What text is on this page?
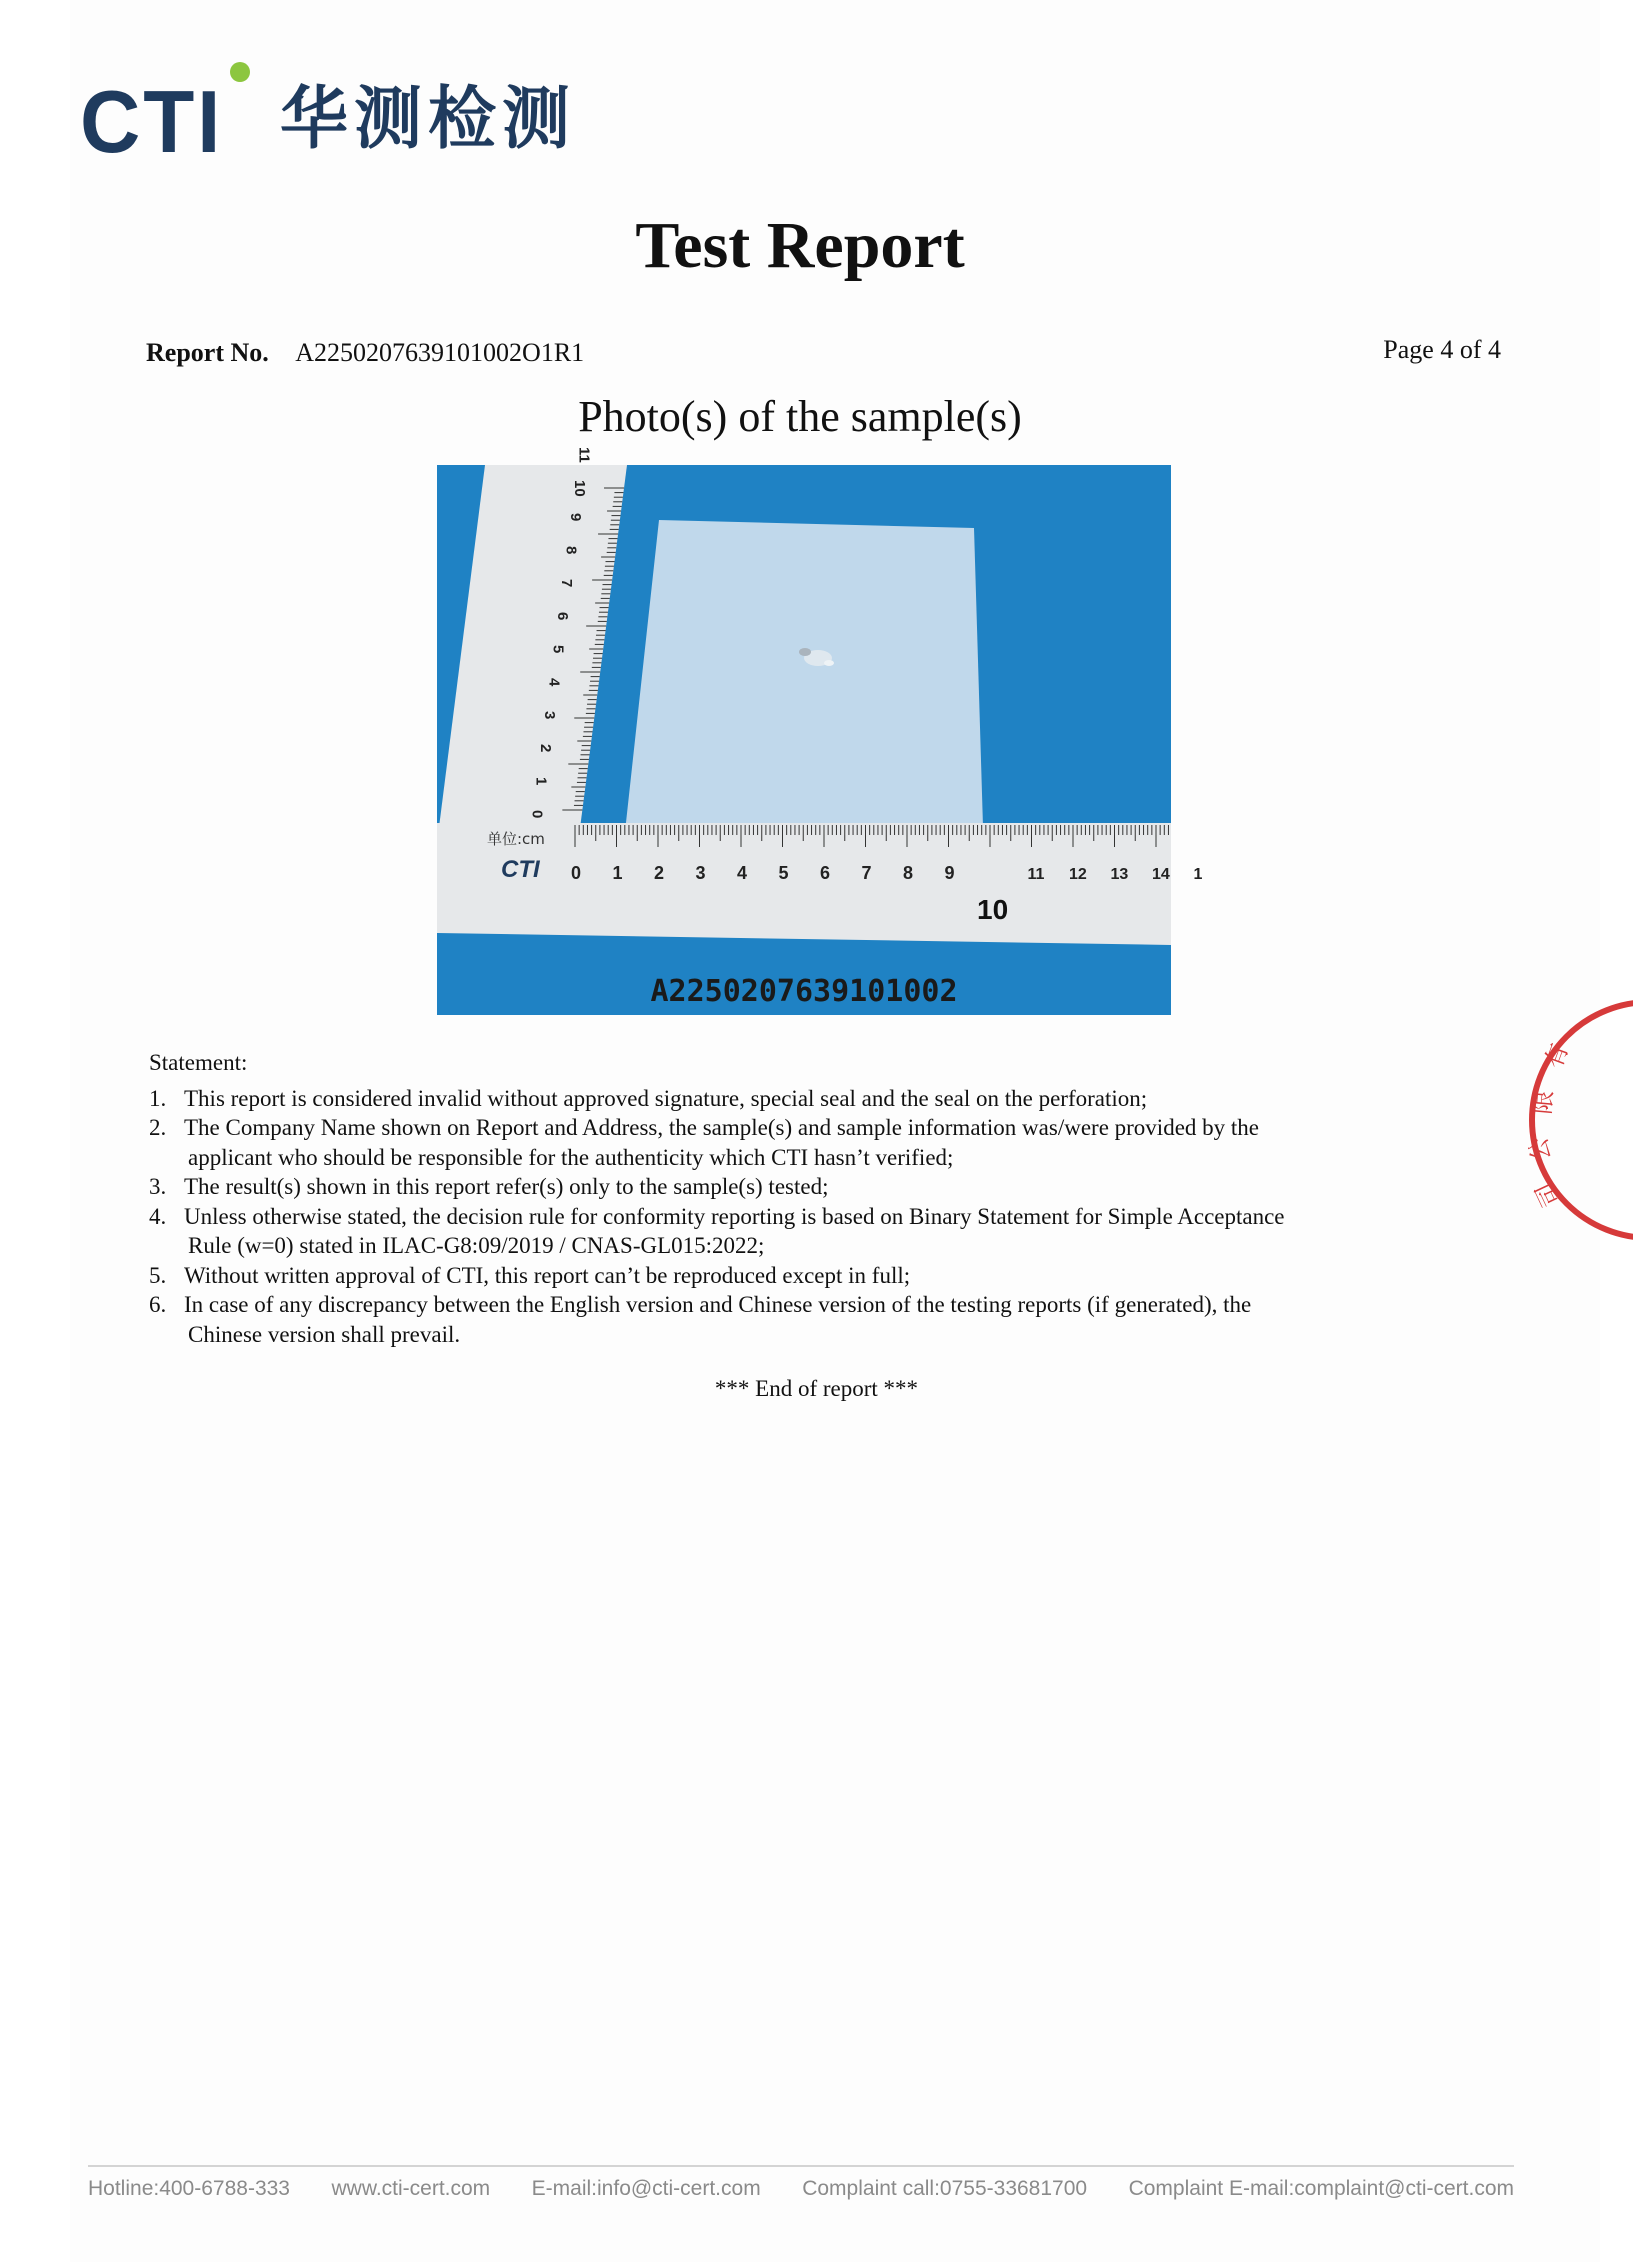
CTI 华测检测
Test Report
Report No. A2250207639101002O1R1	Page 4 of 4
Photo(s) of the sample(s)
0
1
2
3
4
5
6
7
8
9
10
11
0 1 2 3 4 5 6 7 8 9	11 12 13 14 1
单位:cm
CTI
10
A2250207639101002
Statement:
1. This report is considered invalid without approved signature, special seal and the seal on the perforation;
2. The Company Name shown on Report and Address, the sample(s) and sample information was/were provided by the
applicant who should be responsible for the authenticity which CTI hasn’t verified;
3. The result(s) shown in this report refer(s) only to the sample(s) tested;
4. Unless otherwise stated, the decision rule for conformity reporting is based on Binary Statement for Simple Acceptance
Rule (w=0) stated in ILAC-G8:09/2019 / CNAS-GL015:2022;
5. Without written approval of CTI, this report can’t be reproduced except in full;
6. In case of any discrepancy between the English version and Chinese version of the testing reports (if generated), the
Chinese version shall prevail.
*** End of report ***
有
限
公
司
Hotline:400-6788-333 www.cti-cert.com E-mail:info@cti-cert.com Complaint call:0755-33681700 Complaint E-mail:complaint@cti-cert.com
